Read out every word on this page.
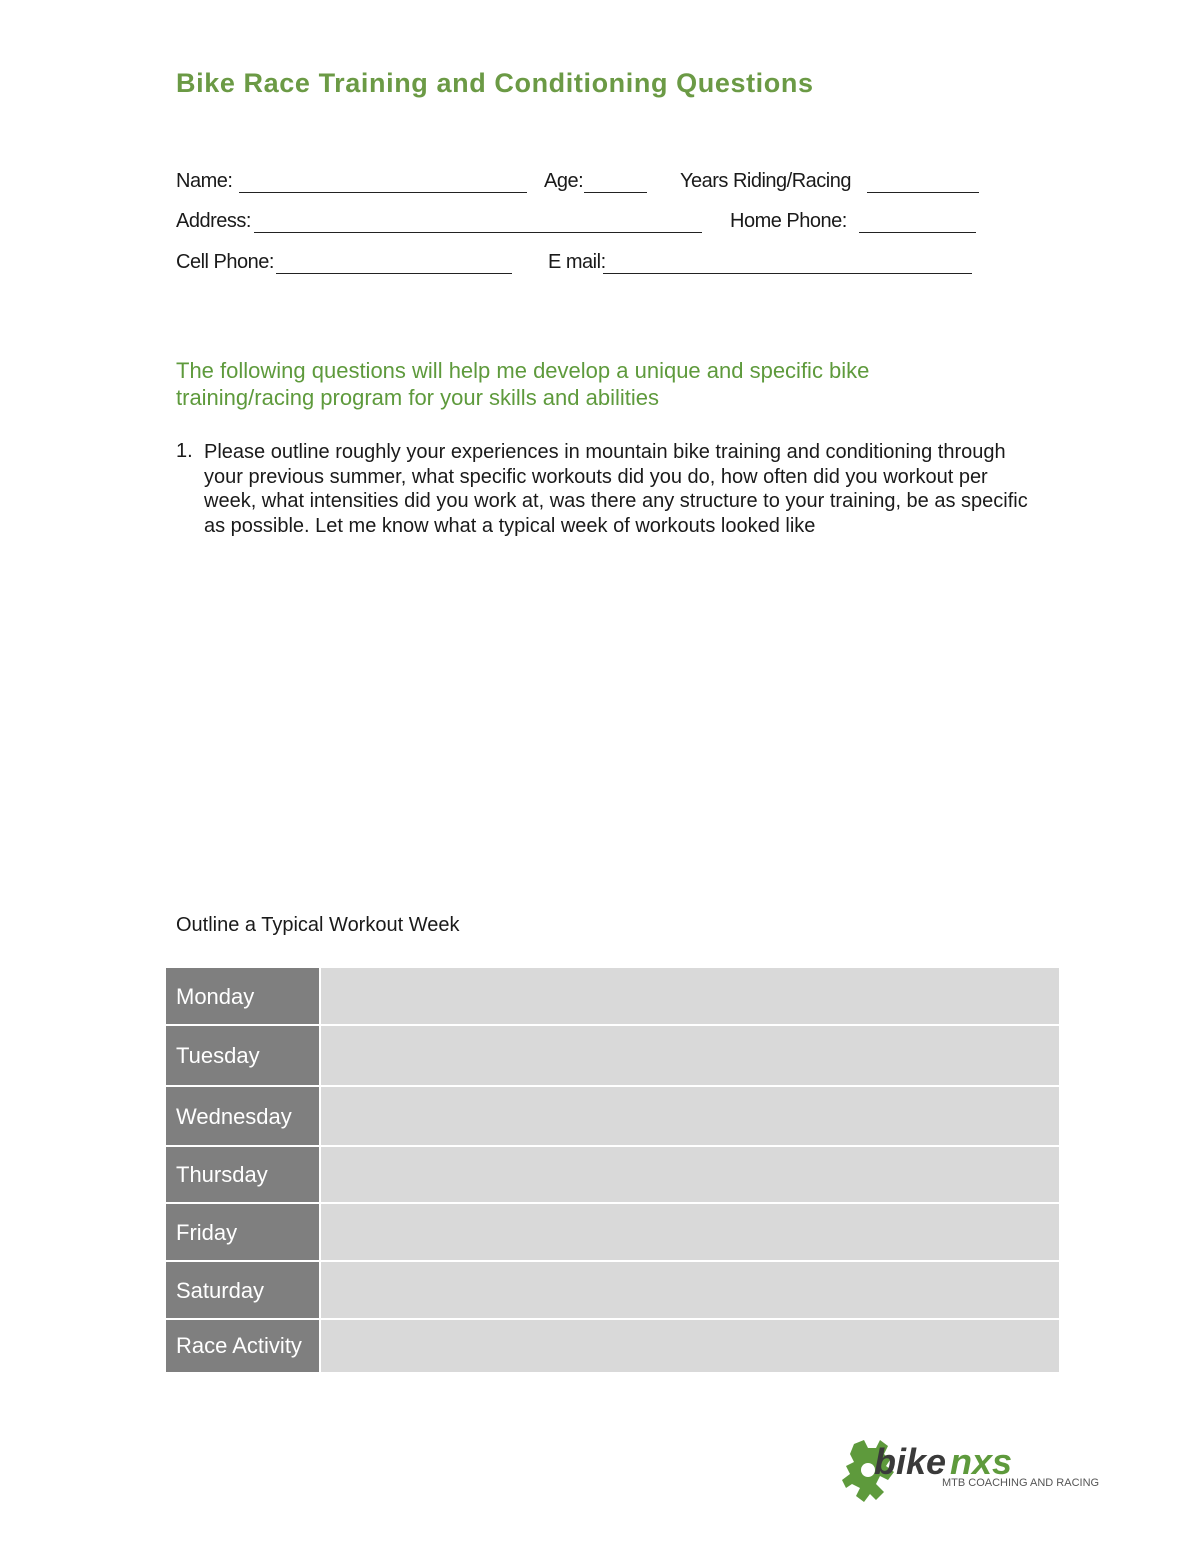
Bike Race Training and Conditioning Questions
Name:	Age:	Years Riding/Racing
Address:	Home Phone:
Cell Phone:	E mail:
The following questions will help me develop a unique and specific bike training/racing program for your skills and abilities
1. Please outline roughly your experiences in mountain bike training and conditioning through your previous summer, what specific workouts did you do, how often did you workout per week, what intensities did you work at, was there any structure to your training, be as specific as possible. Let me know what a typical week of workouts looked like
Outline a Typical Workout Week
Monday	
Tuesday	
Wednesday	
Thursday	
Friday	
Saturday	
Race Activity	
bike nxs
MTB COACHING AND RACING
